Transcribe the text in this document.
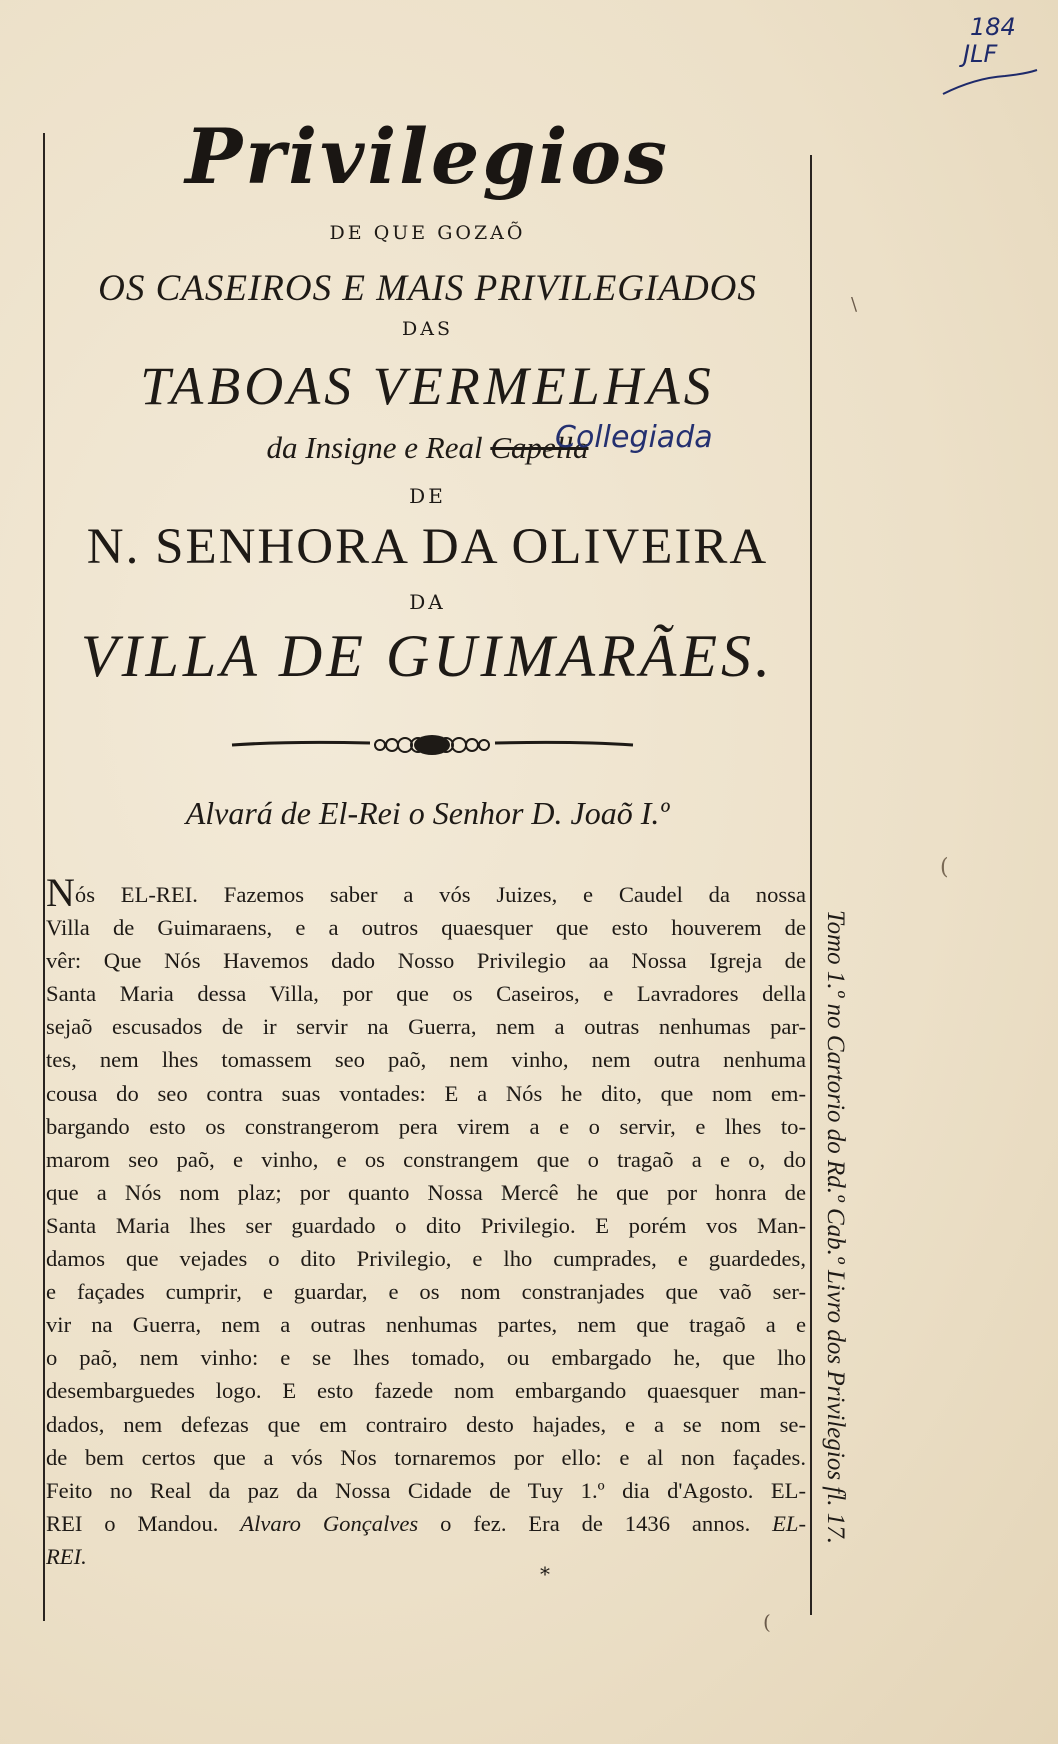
184
JLF
Privilegios
DE QUE GOZAÕ
OS CASEIROS E MAIS PRIVILEGIADOS
DAS
TABOAS VERMELHAS
da Insigne e Real Capella
Collegiada
DE
N. SENHORA DA OLIVEIRA
DA
VILLA DE GUIMARÃES.
Alvará de El-Rei o Senhor D. Joaõ I.º
Nós EL-REI. Fazemos saber a vós Juizes, e Caudel da nossa
Villa de Guimaraens, e a outros quaesquer que esto houverem de
vêr: Que Nós Havemos dado Nosso Privilegio aa Nossa Igreja de
Santa Maria dessa Villa, por que os Caseiros, e Lavradores della
sejaõ escusados de ir servir na Guerra, nem a outras nenhumas par-
tes, nem lhes tomassem seo paõ, nem vinho, nem outra nenhuma
cousa do seo contra suas vontades: E a Nós he dito, que nom em-
bargando esto os constrangerom pera virem a e o servir, e lhes to-
marom seo paõ, e vinho, e os constrangem que o tragaõ a e o, do
que a Nós nom plaz; por quanto Nossa Mercê he que por honra de
Santa Maria lhes ser guardado o dito Privilegio. E porém vos Man-
damos que vejades o dito Privilegio, e lho cumprades, e guardedes,
e façades cumprir, e guardar, e os nom constranjades que vaõ ser-
vir na Guerra, nem a outras nenhumas partes, nem que tragaõ a e
o paõ, nem vinho: e se lhes tomado, ou embargado he, que lho
desembarguedes logo. E esto fazede nom embargando quaesquer man-
dados, nem defezas que em contrairo desto hajades, e a se nom se-
de bem certos que a vós Nos tornaremos por ello: e al non façades.
Feito no Real da paz da Nossa Cidade de Tuy 1.º dia d'Agosto. EL-
REI o Mandou. Alvaro Gonçalves o fez. Era de 1436 annos. EL-
REI.
*
Tomo 1.º no Cartorio do Rd.º Cab.º Livro dos Privilegios fl. 17.
\
(
(
